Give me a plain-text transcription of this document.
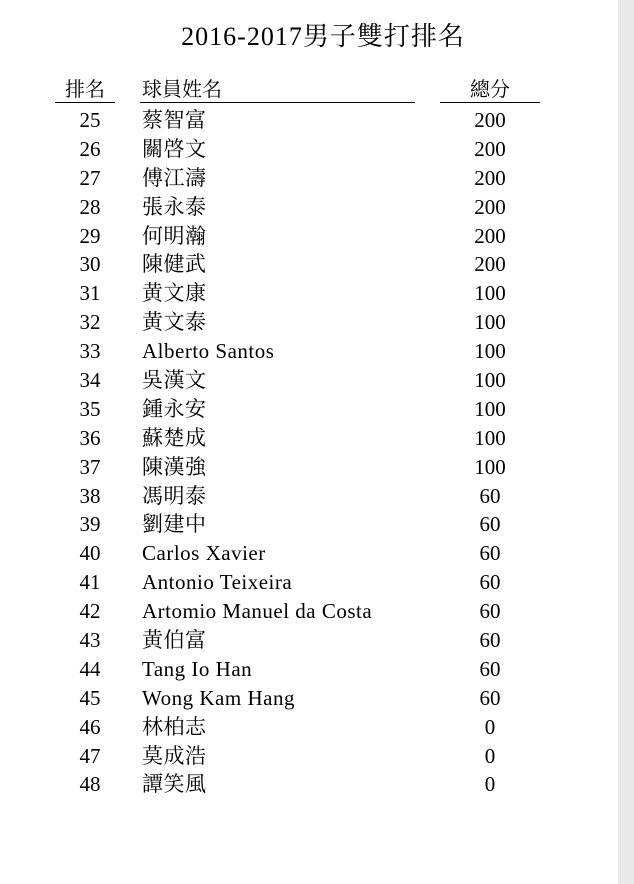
2016-2017男子雙打排名
排名	球員姓名	總分
25	蔡智富	200
26	關啓文	200
27	傅江濤	200
28	張永泰	200
29	何明瀚	200
30	陳健武	200
31	黄文康	100
32	黄文泰	100
33	Alberto Santos	100
34	吳漢文	100
35	鍾永安	100
36	蘇楚成	100
37	陳漢強	100
38	馮明泰	60
39	劉建中	60
40	Carlos Xavier	60
41	Antonio Teixeira	60
42	Artomio Manuel da Costa	60
43	黄伯富	60
44	Tang Io Han	60
45	Wong Kam Hang	60
46	林柏志	0
47	莫成浩	0
48	譚笑風	0
